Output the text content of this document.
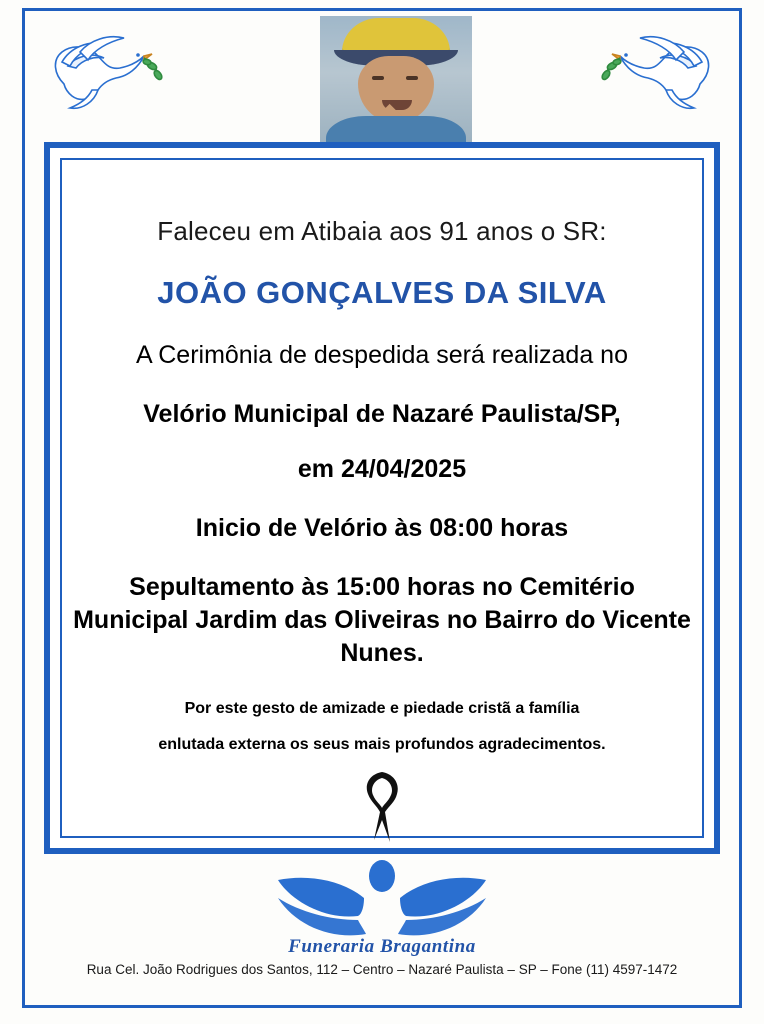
Faleceu em Atibaia aos 91 anos o SR:
JOÃO GONÇALVES DA SILVA
A Cerimônia de despedida será realizada no
Velório Municipal de Nazaré Paulista/SP,
em 24/04/2025
Inicio de Velório às 08:00 horas
Sepultamento às 15:00 horas no Cemitério Municipal Jardim das Oliveiras no Bairro do Vicente Nunes.
Por este gesto de amizade e piedade cristã a família
enlutada externa os seus mais profundos agradecimentos.
Funeraria Bragantina
Rua Cel. João Rodrigues dos Santos, 112 – Centro – Nazaré Paulista – SP – Fone (11) 4597-1472
